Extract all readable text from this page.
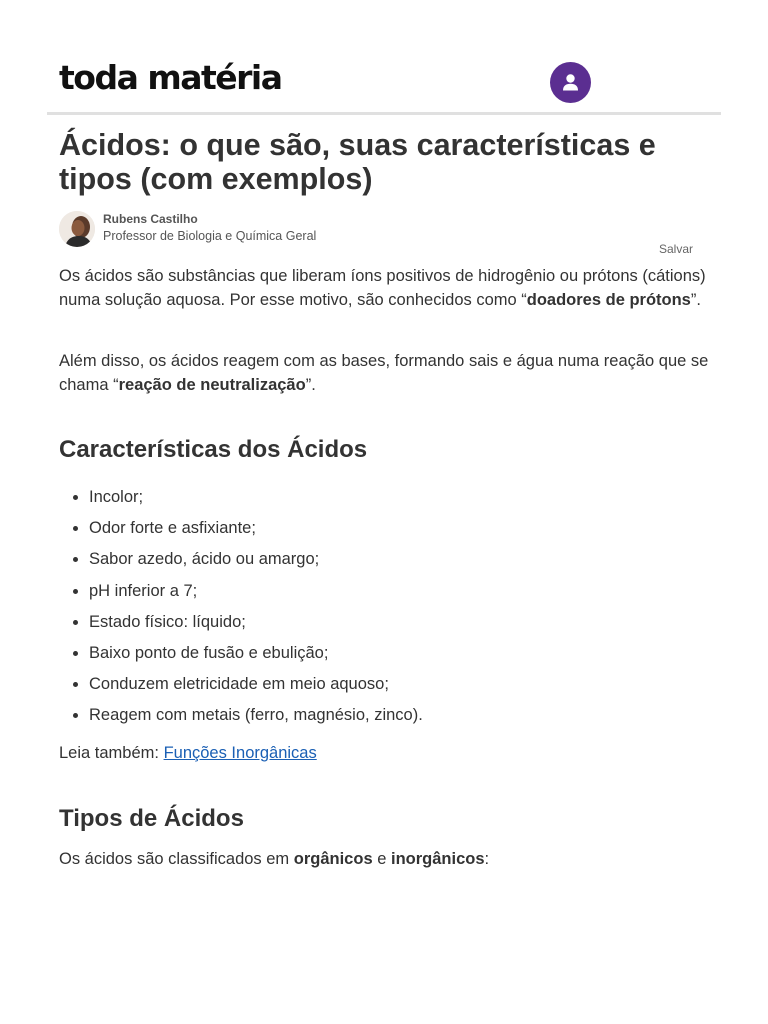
toda matéria
Ácidos: o que são, suas características e tipos (com exemplos)
Rubens Castilho
Professor de Biologia e Química Geral
Salvar

Os ácidos são substâncias que liberam íons positivos de hidrogênio ou prótons (cátions) numa solução aquosa. Por esse motivo, são conhecidos como “doadores de prótons”.

Além disso, os ácidos reagem com as bases, formando sais e água numa reação que se chama “reação de neutralização”.

Características dos Ácidos
• Incolor;
• Odor forte e asfixiante;
• Sabor azedo, ácido ou amargo;
• pH inferior a 7;
• Estado físico: líquido;
• Baixo ponto de fusão e ebulição;
• Conduzem eletricidade em meio aquoso;
• Reagem com metais (ferro, magnésio, zinco).

Leia também: Funções Inorgânicas

Tipos de Ácidos

Os ácidos são classificados em orgânicos e inorgânicos:
